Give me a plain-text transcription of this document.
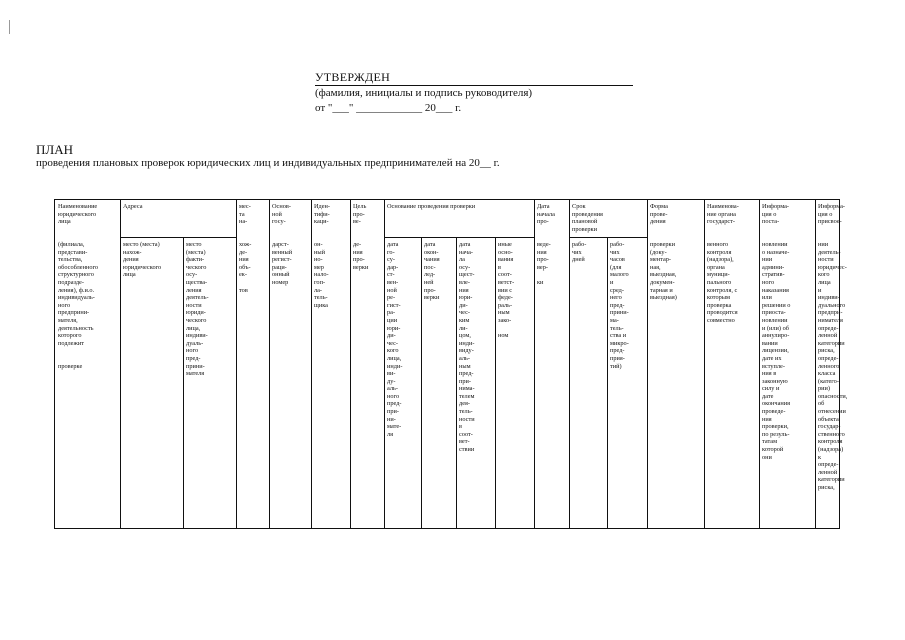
УТВЕРЖДЕН
(фамилия, инициалы и подпись руководителя)
от "___" ____________ 20___ г.
ПЛАН
проведения плановых проверок юридических лиц и индивидуальных предпринимателей на 20__ г.
Наименование
юридического
лица
Адреса	мес-
та
на-
Основ-
ной
госу-
Иден-
тифи-
каци-
Цель
про-
ве-
Основание проведения проверки	Дата
начала
про-
Срок
проведения
плановой
проверки
Форма
прове-
дения
Наименова-
ние органа
государст-
Информа-
ция о
поста-
Информа-
ция о
присвое-
(филиала,
представи-
тельства,
обособленного
структурного
подразде-
ления), ф.и.о.
индивидуаль-
ного
предприни-
мателя,
деятельность
которого
подлежит

проверке
место (места)
нахож-
дения
юридического
лица
место
(места)
факти-
ческого
осу-
щества-
ления
деятель-
ности
юриди-
ческого
лица,
индиви-
дуаль-
ного
пред-
прини-
мателя
хож-
де-
ния
объ-
ек-

тов
дарст-
венный
регист-
раци-
онный
номер
он-
ный
но-
мер
нало-
гоп-
ла-
тель-
щика
де-
ния
про-
верки
дата
го-
су-
дар-
ст-
вен-
ной
ре-
гист-
ра-
ции
юри-
ди-
чес-
кого
лица,
инди-
ви-
ду-
аль-
ного
пред-
при-
ни-
мате-
ля
дата
окон-
чания
пос-
лед-
ней
про-
верки
дата
нача-
ла
осу-
щест-
вле-
ния
юри-
ди-
чес-
ким
ли-
цом,
инди-
виду-
аль-
ным
пред-
при-
нима-
телем
дея-
тель-
ности
в
соот-
вет-
ствии
иные
осно-
вания
в
соот-
ветст-
вии с
феде-
раль-
ным
зако-

ном
веде-
ния
про-
вер-

ки
рабо-
чих
дней
рабо-
чих
часов
(для
малого
и
сред-
него
пред-
прини-
ма-
тель-
ства и
микро-
пред-
прия-
тий)
проверки
(доку-
ментар-
ная,
выездная,
докумен-
тарная и
выездная)
венного
контроля
(надзора),
органа
муници-
пального
контроля, с
которым
проверка
проводится
совместно
новлении
о назначе-
нии
админи-
стратив-
ного
наказания
или
решении о
приоста-
новлении
и (или) об
аннулиро-
вании
лицензии,
дате их
вступле-
ния в
законную
силу и
дате
окончания
проведе-
ния
проверки,
по резуль-
татам
которой
они
нии
деятель-
ности
юридичес-
кого лица
и индиви-
дуального
предпри-
нимателя
опреде-
ленной
категории
риска,
опреде-
ленного
класса
(катего-
рии)
опасности,
об
отнесении
объекта
государ-
ственного
контроля
(надзора)
к опреде-
ленной
категории
риска,
